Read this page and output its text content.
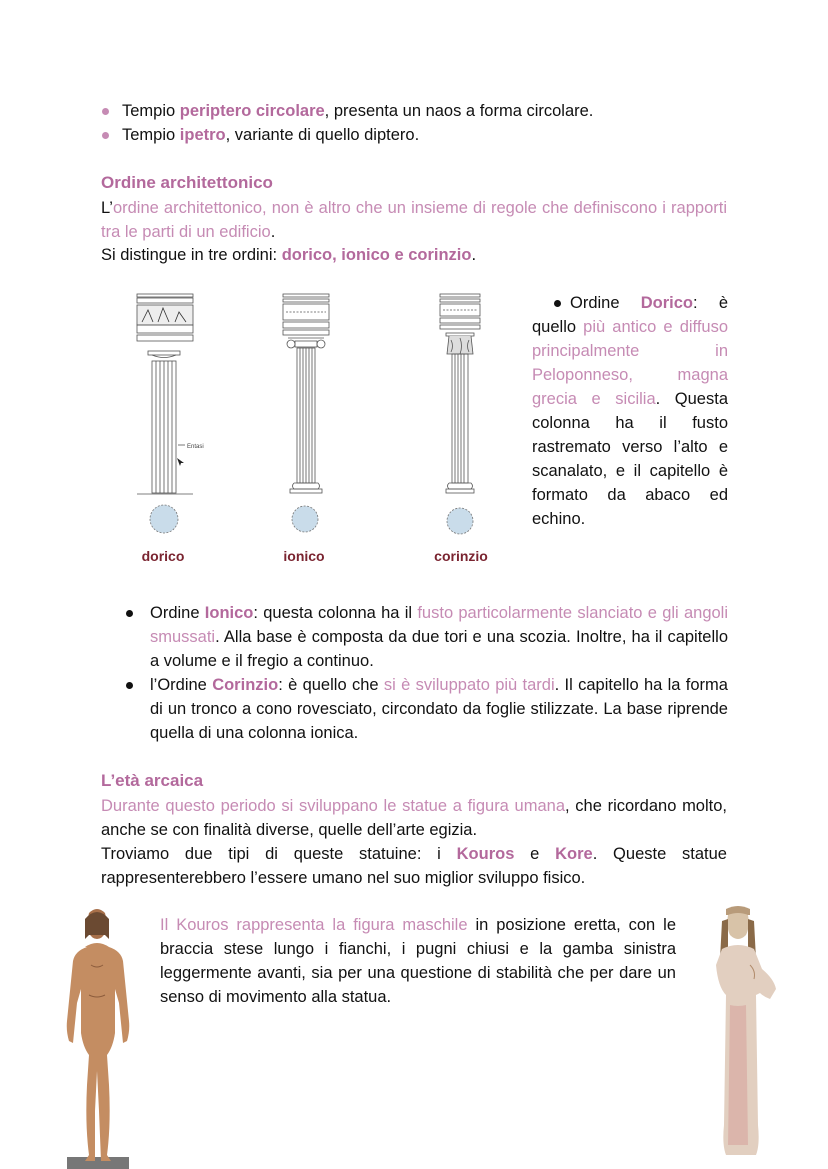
Tempio periptero circolare, presenta un naos a forma circolare.
Tempio ipetro, variante di quello diptero.
Ordine architettonico
L’ordine architettonico, non è altro che un insieme di regole che definiscono i rapporti tra le parti di un edificio.
Si distingue in tre ordini: dorico, ionico e corinzio.
Entasi
dorico	ionico	corinzio
Ordine Dorico: è quello più antico e diffuso principalmente in Peloponneso, magna grecia e sicilia. Questa colonna ha il fusto rastremato verso l’alto e scanalato, e il capitello è formato da abaco ed echino.
Ordine Ionico: questa colonna ha il fusto particolarmente slanciato e gli angoli smussati. Alla base è composta da due tori e una scozia. Inoltre, ha il capitello a volume e il fregio a continuo.
l’Ordine Corinzio: è quello che si è sviluppato più tardi. Il capitello ha la forma di un tronco a cono rovesciato, circondato da foglie stilizzate. La base riprende quella di una colonna ionica.
L’età arcaica
Durante questo periodo si sviluppano le statue a figura umana, che ricordano molto, anche se con finalità diverse, quelle dell’arte egizia.
Troviamo due tipi di queste statuine: i Kouros e Kore. Queste statue rappresenterebbero l’essere umano nel suo miglior sviluppo fisico.
Il Kouros rappresenta la figura maschile in posizione eretta, con le braccia stese lungo i fianchi, i pugni chiusi e la gamba sinistra leggermente avanti, sia per una questione di stabilità che per dare un senso di movimento alla statua.
